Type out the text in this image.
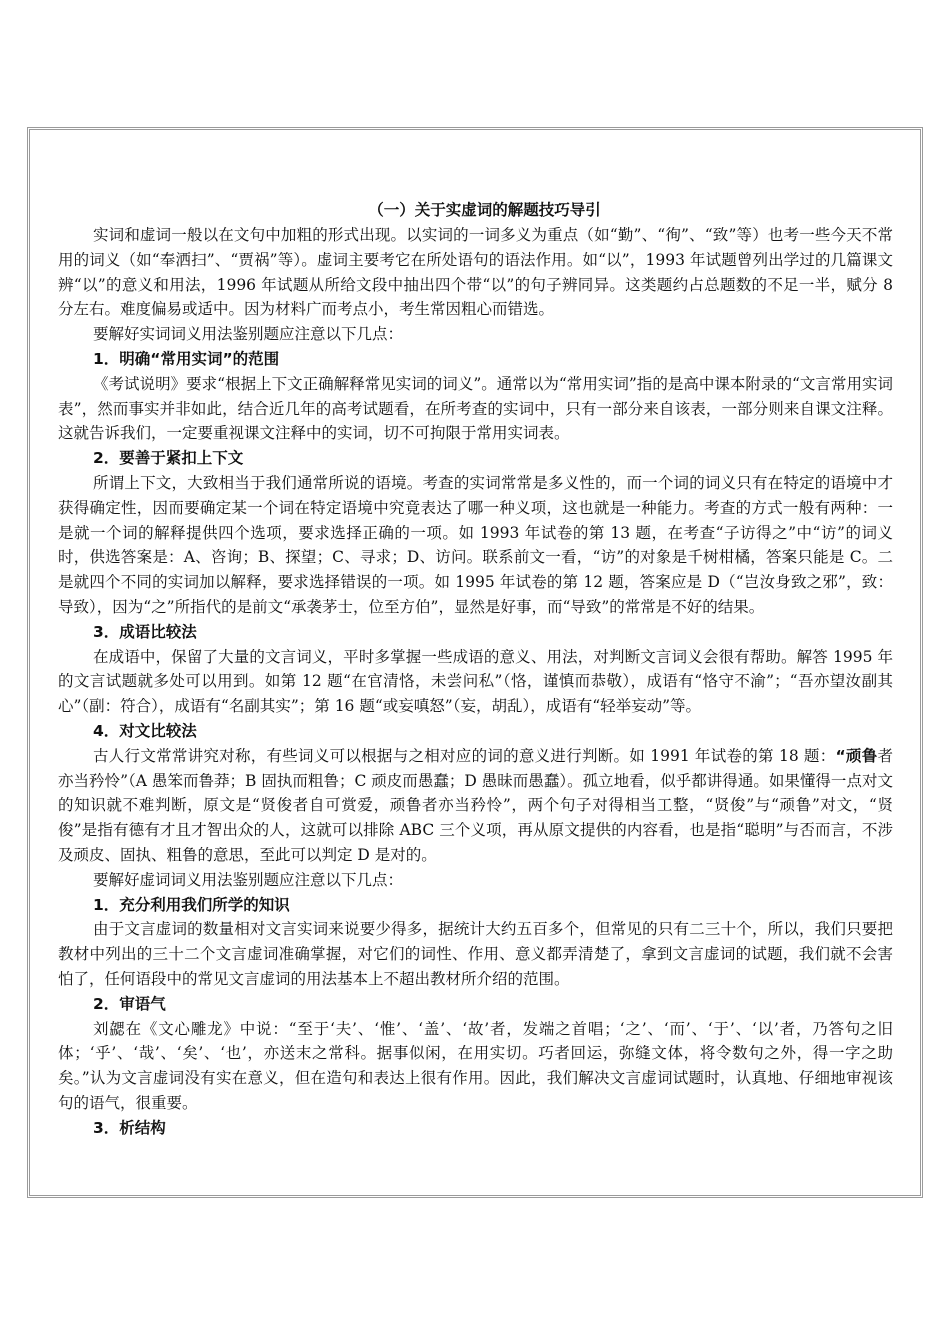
（一）关于实虚词的解题技巧导引

实词和虚词一般以在文句中加粗的形式出现。以实词的一词多义为重点（如“勤”、“徇”、“致”等）也考一些今天不常用的词义（如“奉洒扫”、“贾祸”等）。虚词主要考它在所处语句的语法作用。如“以”，1993 年试题曾列出学过的几篇课文辨“以”的意义和用法，1996 年试题从所给文段中抽出四个带“以”的句子辨同异。这类题约占总题数的不足一半，赋分 8 分左右。难度偏易或适中。因为材料广而考点小，考生常因粗心而错选。

要解好实词词义用法鉴别题应注意以下几点：

1．明确“常用实词”的范围

《考试说明》要求“根据上下文正确解释常见实词的词义”。通常以为“常用实词”指的是高中课本附录的“文言常用实词表”，然而事实并非如此，结合近几年的高考试题看，在所考查的实词中，只有一部分来自该表，一部分则来自课文注释。这就告诉我们，一定要重视课文注释中的实词，切不可拘限于常用实词表。

2．要善于紧扣上下文

所谓上下文，大致相当于我们通常所说的语境。考查的实词常常是多义性的，而一个词的词义只有在特定的语境中才获得确定性，因而要确定某一个词在特定语境中究竟表达了哪一种义项，这也就是一种能力。考查的方式一般有两种：一是就一个词的解释提供四个选项，要求选择正确的一项。如 1993 年试卷的第 13 题，在考查“子访得之”中“访”的词义时，供选答案是：A、咨询；B、探望；C、寻求；D、访问。联系前文一看，“访”的对象是千树柑橘，答案只能是 C。二是就四个不同的实词加以解释，要求选择错误的一项。如 1995 年试卷的第 12 题，答案应是 D（“岂汝身致之邪”，致：导致），因为“之”所指代的是前文“承袭茅士，位至方伯”，显然是好事，而“导致”的常常是不好的结果。

3．成语比较法

在成语中，保留了大量的文言词义，平时多掌握一些成语的意义、用法，对判断文言词义会很有帮助。解答 1995 年的文言试题就多处可以用到。如第 12 题“在官清恪，未尝问私”（恪，谨慎而恭敬），成语有“恪守不渝”；“吾亦望汝副其心”（副：符合），成语有“名副其实”；第 16 题“或妄嗔怒”（妄，胡乱），成语有“轻举妄动”等。

4．对文比较法

古人行文常常讲究对称，有些词义可以根据与之相对应的词的意义进行判断。如 1991 年试卷的第 18 题：“顽鲁者亦当矜怜”（A 愚笨而鲁莽；B 固执而粗鲁；C 顽皮而愚蠢；D 愚昧而愚蠢）。孤立地看，似乎都讲得通。如果懂得一点对文的知识就不难判断，原文是“贤俊者自可赏爱，顽鲁者亦当矜怜”，两个句子对得相当工整，“贤俊”与“顽鲁”对文，“贤俊”是指有德有才且才智出众的人，这就可以排除 ABC 三个义项，再从原文提供的内容看，也是指“聪明”与否而言，不涉及顽皮、固执、粗鲁的意思，至此可以判定 D 是对的。

要解好虚词词义用法鉴别题应注意以下几点：

1．充分利用我们所学的知识

由于文言虚词的数量相对文言实词来说要少得多，据统计大约五百多个，但常见的只有二三十个，所以，我们只要把教材中列出的三十二个文言虚词准确掌握，对它们的词性、作用、意义都弄清楚了，拿到文言虚词的试题，我们就不会害怕了，任何语段中的常见文言虚词的用法基本上不超出教材所介绍的范围。

2．审语气

刘勰在《文心雕龙》中说：“至于‘夫’、‘惟’、‘盖’、‘故’者，发端之首唱；‘之’、‘而’、‘于’、‘以’者，乃答句之旧体；‘乎’、‘哉’、‘矣’、‘也’，亦送末之常科。据事似闲，在用实切。巧者回运，弥缝文体，将令数句之外，得一字之助矣。”认为文言虚词没有实在意义，但在造句和表达上很有作用。因此，我们解决文言虚词试题时，认真地、仔细地审视该句的语气，很重要。

3．析结构
